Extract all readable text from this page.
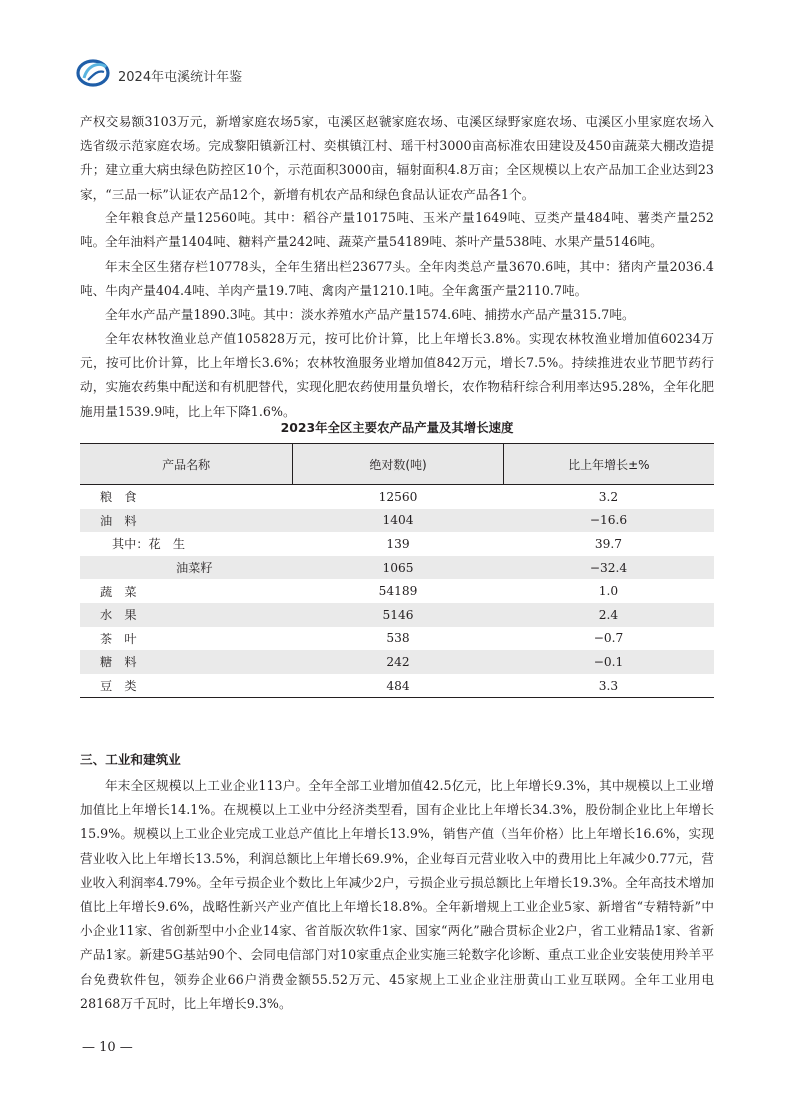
2024年屯溪统计年鉴

产权交易额3103万元，新增家庭农场5家，屯溪区赵虢家庭农场、屯溪区绿野家庭农场、屯溪区小里家庭农场入选省级示范家庭农场。完成黎阳镇新江村、奕棋镇江村、瑶干村3000亩高标准农田建设及450亩蔬菜大棚改造提升；建立重大病虫绿色防控区10个，示范面积3000亩，辐射面积4.8万亩；全区规模以上农产品加工企业达到23家，“三品一标”认证农产品12个，新增有机农产品和绿色食品认证农产品各1个。

全年粮食总产量12560吨。其中：稻谷产量10175吨、玉米产量1649吨、豆类产量484吨、薯类产量252吨。 全年油料产量1404吨、糖料产量242吨、蔬菜产量54189吨、茶叶产量538吨、水果产量5146吨。

年末全区生猪存栏10778头，全年生猪出栏23677头。全年肉类总产量3670.6吨，其中：猪肉产量2036.4吨、牛肉产量404.4吨、羊肉产量19.7吨、禽肉产量1210.1吨。全年禽蛋产量2110.7吨。

全年水产品产量1890.3吨。其中：淡水养殖水产品产量1574.6吨、捕捞水产品产量315.7吨。

全年农林牧渔业总产值105828万元，按可比价计算，比上年增长3.8%。实现农林牧渔业增加值60234万元，按可比价计算，比上年增长3.6%；农林牧渔服务业增加值842万元，增长7.5%。持续推进农业节肥节药行动，实施农药集中配送和有机肥替代，实现化肥农药使用量负增长，农作物秸秆综合利用率达95.28%，全年化肥施用量1539.9吨，比上年下降1.6%。

2023年全区主要农产品产量及其增长速度
产品名称	绝对数(吨)	比上年增长±%
粮　食	12560	3.2
油　料	1404	−16.6
其中：花　生	139	39.7
油菜籽	1065	−32.4
蔬　菜	54189	1.0
水　果	5146	2.4
茶　叶	538	−0.7
糖　料	242	−0.1
豆　类	484	3.3
三、工业和建筑业

年末全区规模以上工业企业113户。全年全部工业增加值42.5亿元，比上年增长9.3%，其中规模以上工业增加值比上年增长14.1%。在规模以上工业中分经济类型看，国有企业比上年增长34.3%，股份制企业比上年增长15.9%。规模以上工业企业完成工业总产值比上年增长13.9%，销售产值（当年价格）比上年增长16.6%，实现营业收入比上年增长13.5%，利润总额比上年增长69.9%，企业每百元营业收入中的费用比上年减少0.77元，营业收入利润率4.79%。全年亏损企业个数比上年减少2户，亏损企业亏损总额比上年增长19.3%。全年高技术增加值比上年增长9.6%，战略性新兴产业产值比上年增长18.8%。全年新增规上工业企业5家、新增省“专精特新”中小企业11家、省创新型中小企业14家、省首版次软件1家、国家“两化”融合贯标企业2户，省工业精品1家、省新产品1家。新建5G基站90个、会同电信部门对10家重点企业实施三轮数字化诊断、重点工业企业安装使用羚羊平台免费软件包，领券企业66户消费金额55.52万元、45家规上工业企业注册黄山工业互联网。全年工业用电28168万千瓦时，比上年增长9.3%。

— 10 —
